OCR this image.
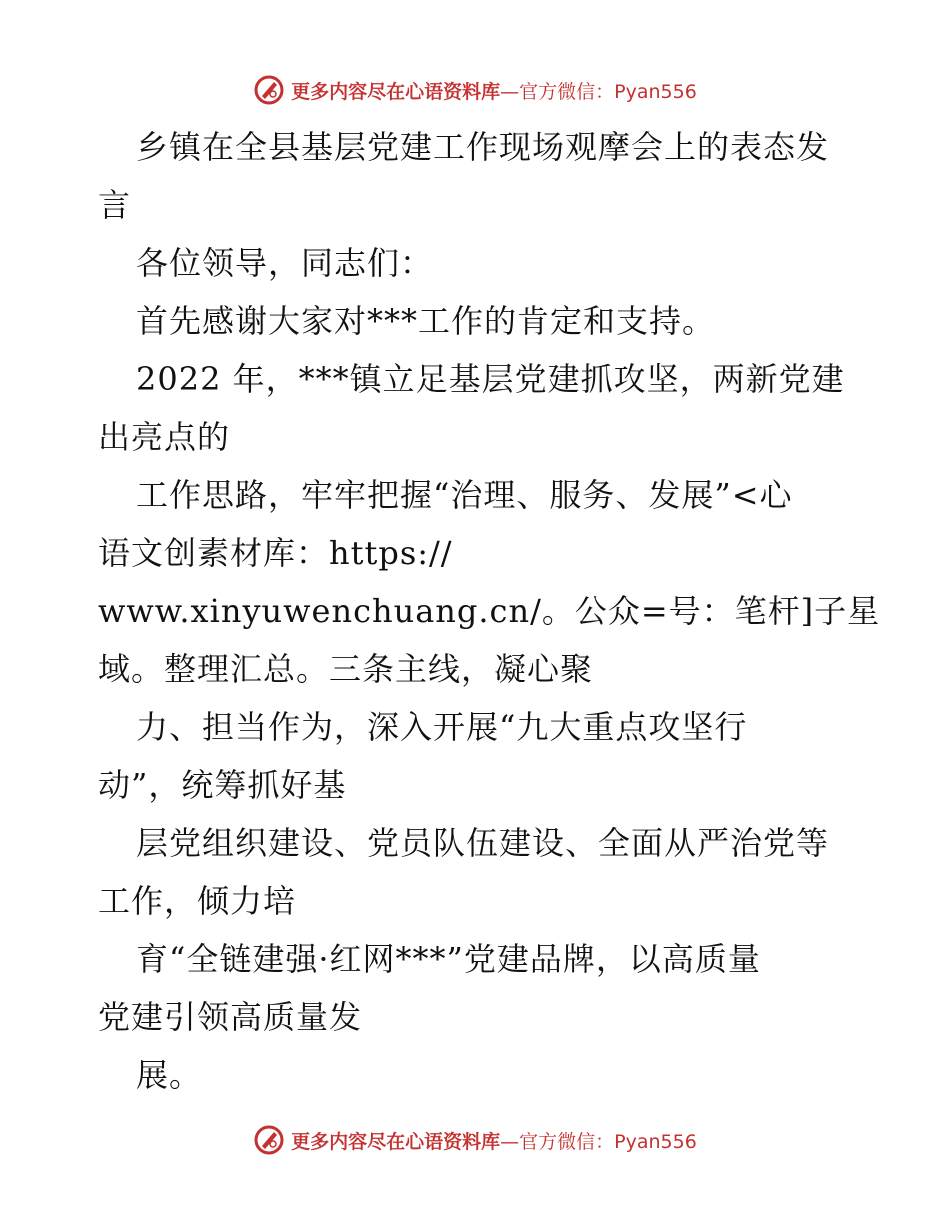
更多内容尽在心语资料库 —官方微信：Pyan556
乡镇在全县基层党建工作现场观摩会上的表态发
言
各位领导，同志们：
首先感谢大家对***工作的肯定和支持。
2022 年，***镇立足基层党建抓攻坚，两新党建
出亮点的
工作思路，牢牢把握“治理、服务、发展”<心
语文创素材库：https://
www.xinyuwenchuang.cn/。公众=号：笔杆]子星
域。整理汇总。三条主线，凝心聚
力、担当作为，深入开展“九大重点攻坚行
动”，统筹抓好基
层党组织建设、党员队伍建设、全面从严治党等
工作，倾力培
育“全链建强·红网***”党建品牌，以高质量
党建引领高质量发
展。
更多内容尽在心语资料库 —官方微信：Pyan556
